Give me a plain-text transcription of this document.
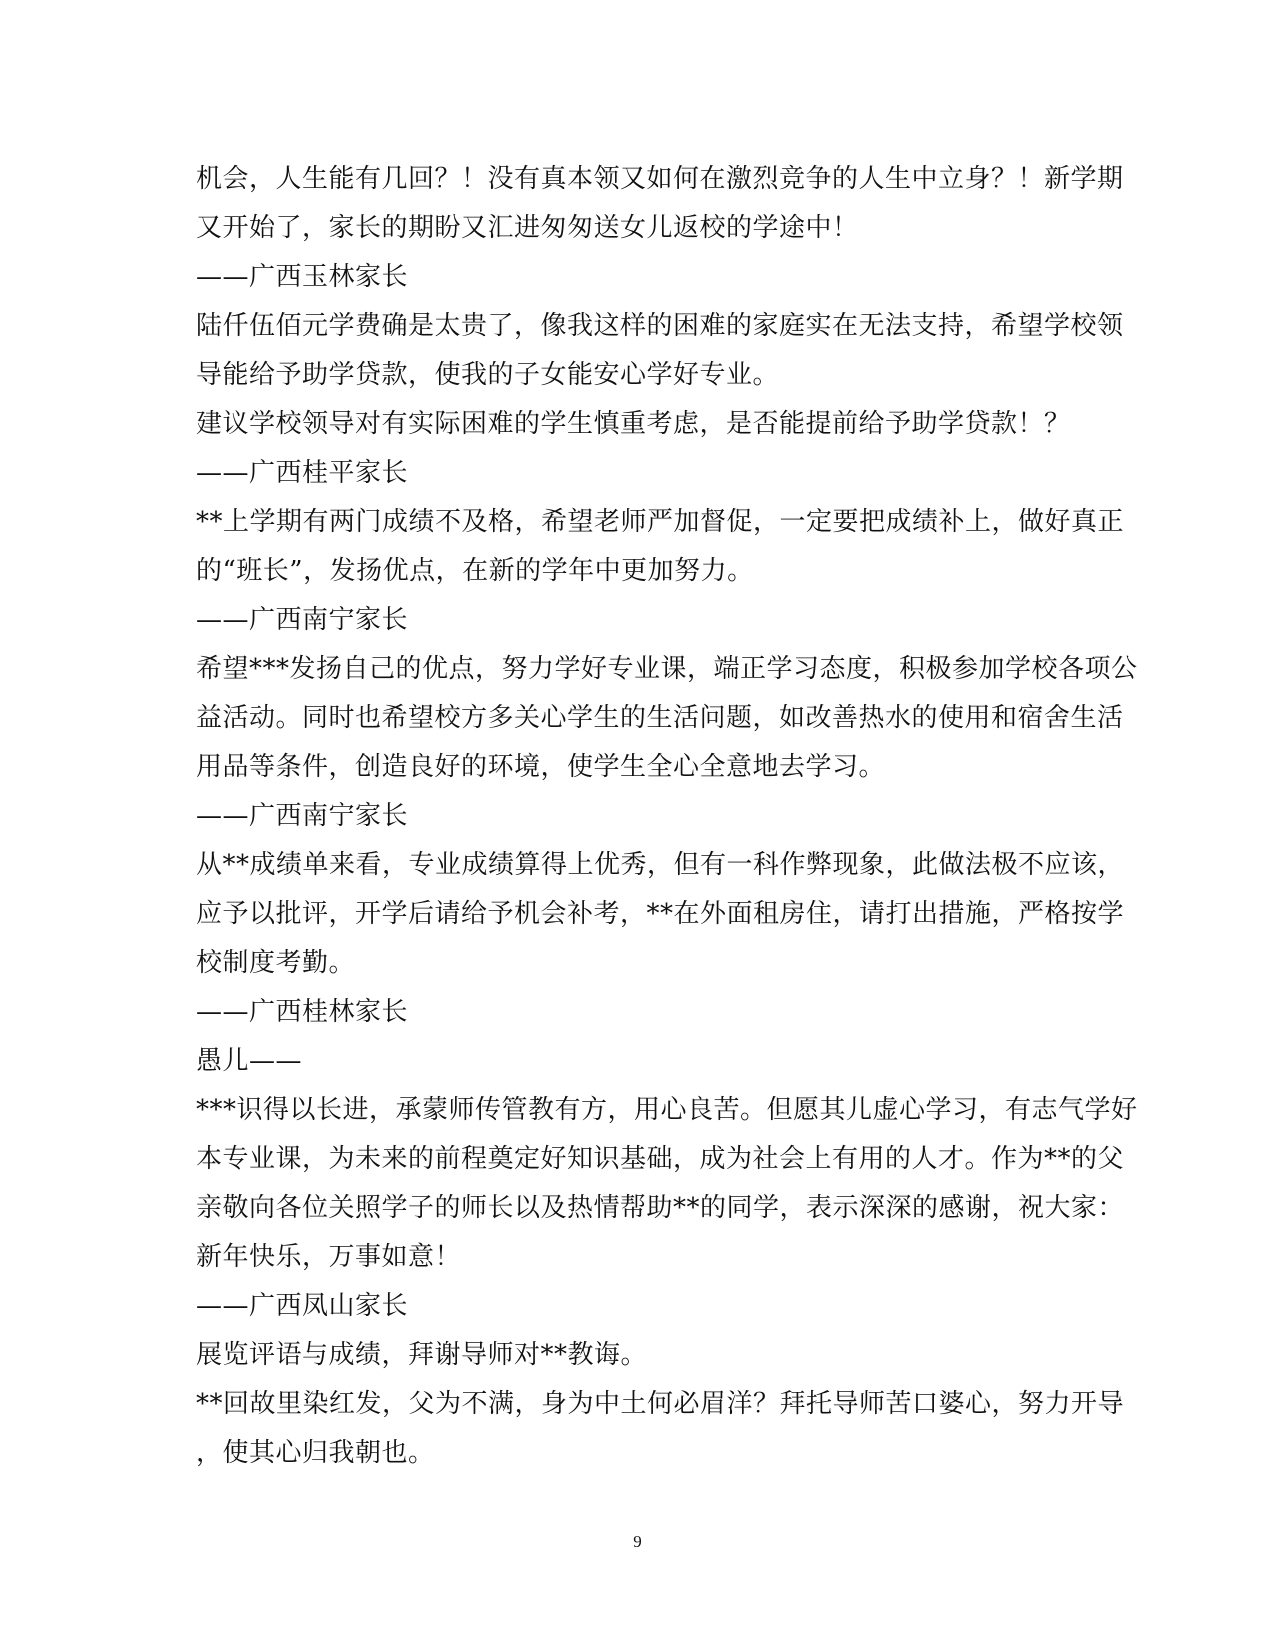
机会，人生能有几回？！没有真本领又如何在激烈竞争的人生中立身？！新学期
又开始了，家长的期盼又汇进匆匆送女儿返校的学途中！
——广西玉林家长
陆仟伍佰元学费确是太贵了，像我这样的困难的家庭实在无法支持，希望学校领
导能给予助学贷款，使我的子女能安心学好专业。
建议学校领导对有实际困难的学生慎重考虑，是否能提前给予助学贷款！？
——广西桂平家长
**上学期有两门成绩不及格，希望老师严加督促，一定要把成绩补上，做好真正
的“班长”，发扬优点，在新的学年中更加努力。
——广西南宁家长
希望***发扬自己的优点，努力学好专业课，端正学习态度，积极参加学校各项公
益活动。同时也希望校方多关心学生的生活问题，如改善热水的使用和宿舍生活
用品等条件，创造良好的环境，使学生全心全意地去学习。
——广西南宁家长
从**成绩单来看，专业成绩算得上优秀，但有一科作弊现象，此做法极不应该，
应予以批评，开学后请给予机会补考，**在外面租房住，请打出措施，严格按学
校制度考勤。
——广西桂林家长
愚儿——
***识得以长进，承蒙师传管教有方，用心良苦。但愿其儿虚心学习，有志气学好
本专业课，为未来的前程奠定好知识基础，成为社会上有用的人才。作为**的父
亲敬向各位关照学子的师长以及热情帮助**的同学，表示深深的感谢，祝大家：
新年快乐，万事如意！
——广西凤山家长
展览评语与成绩，拜谢导师对**教诲。
**回故里染红发，父为不满，身为中土何必眉洋？拜托导师苦口婆心，努力开导
，使其心归我朝也。
9
